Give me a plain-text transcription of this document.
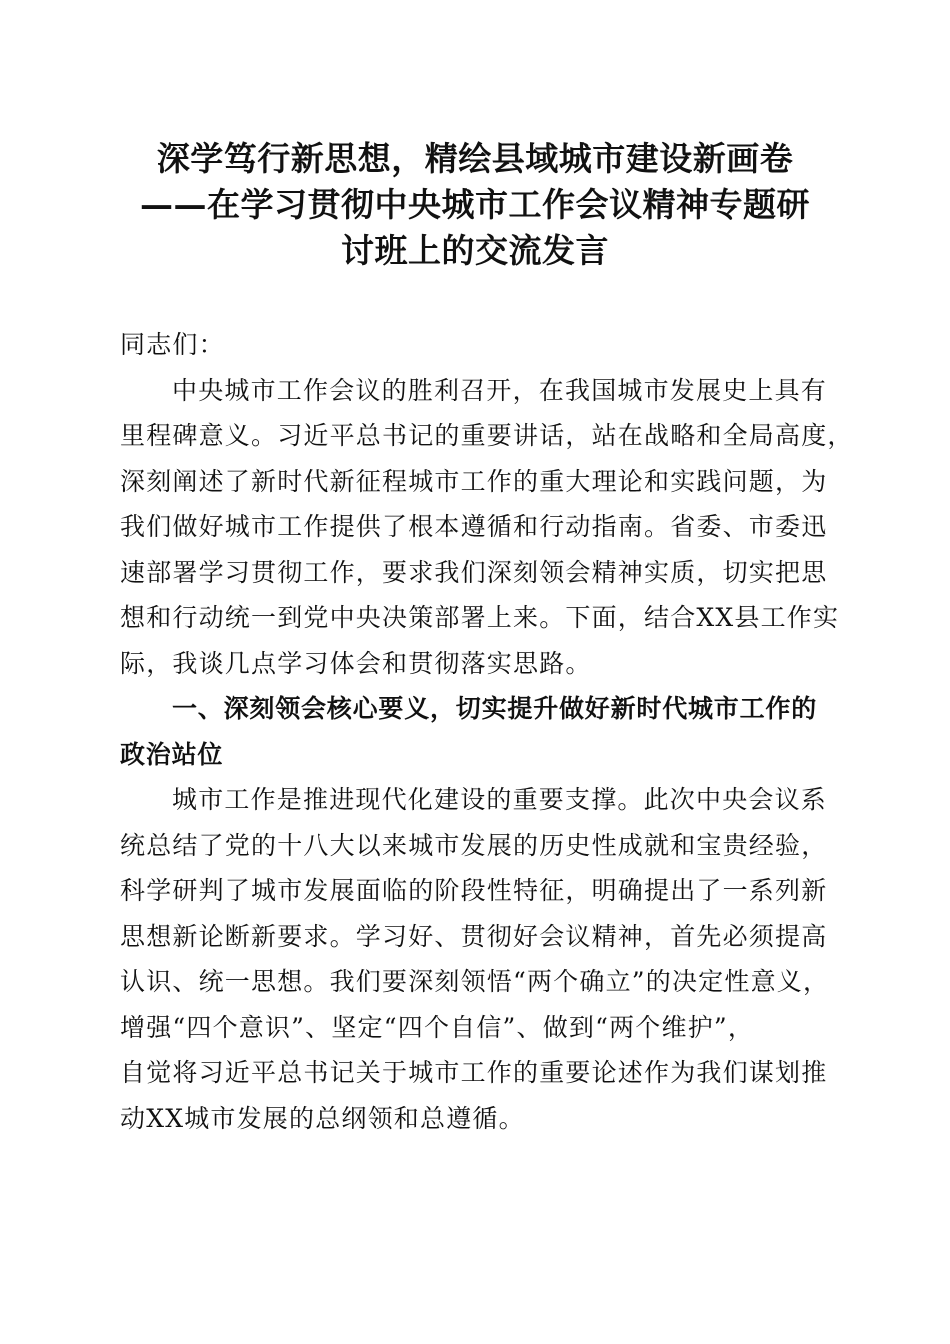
深学笃行新思想，精绘县域城市建设新画卷
——在学习贯彻中央城市工作会议精神专题研
讨班上的交流发言
同志们：
中央城市工作会议的胜利召开，在我国城市发展史上具有
里程碑意义。习近平总书记的重要讲话，站在战略和全局高度，
深刻阐述了新时代新征程城市工作的重大理论和实践问题，为
我们做好城市工作提供了根本遵循和行动指南。省委、市委迅
速部署学习贯彻工作，要求我们深刻领会精神实质，切实把思
想和行动统一到党中央决策部署上来。下面，结合XX县工作实
际，我谈几点学习体会和贯彻落实思路。
一、深刻领会核心要义，切实提升做好新时代城市工作的
政治站位
城市工作是推进现代化建设的重要支撑。此次中央会议系
统总结了党的十八大以来城市发展的历史性成就和宝贵经验，
科学研判了城市发展面临的阶段性特征，明确提出了一系列新
思想新论断新要求。学习好、贯彻好会议精神，首先必须提高
认识、统一思想。我们要深刻领悟“两个确立”的决定性意义，
增强“四个意识”、坚定“四个自信”、做到“两个维护”，
自觉将习近平总书记关于城市工作的重要论述作为我们谋划推
动XX城市发展的总纲领和总遵循。
